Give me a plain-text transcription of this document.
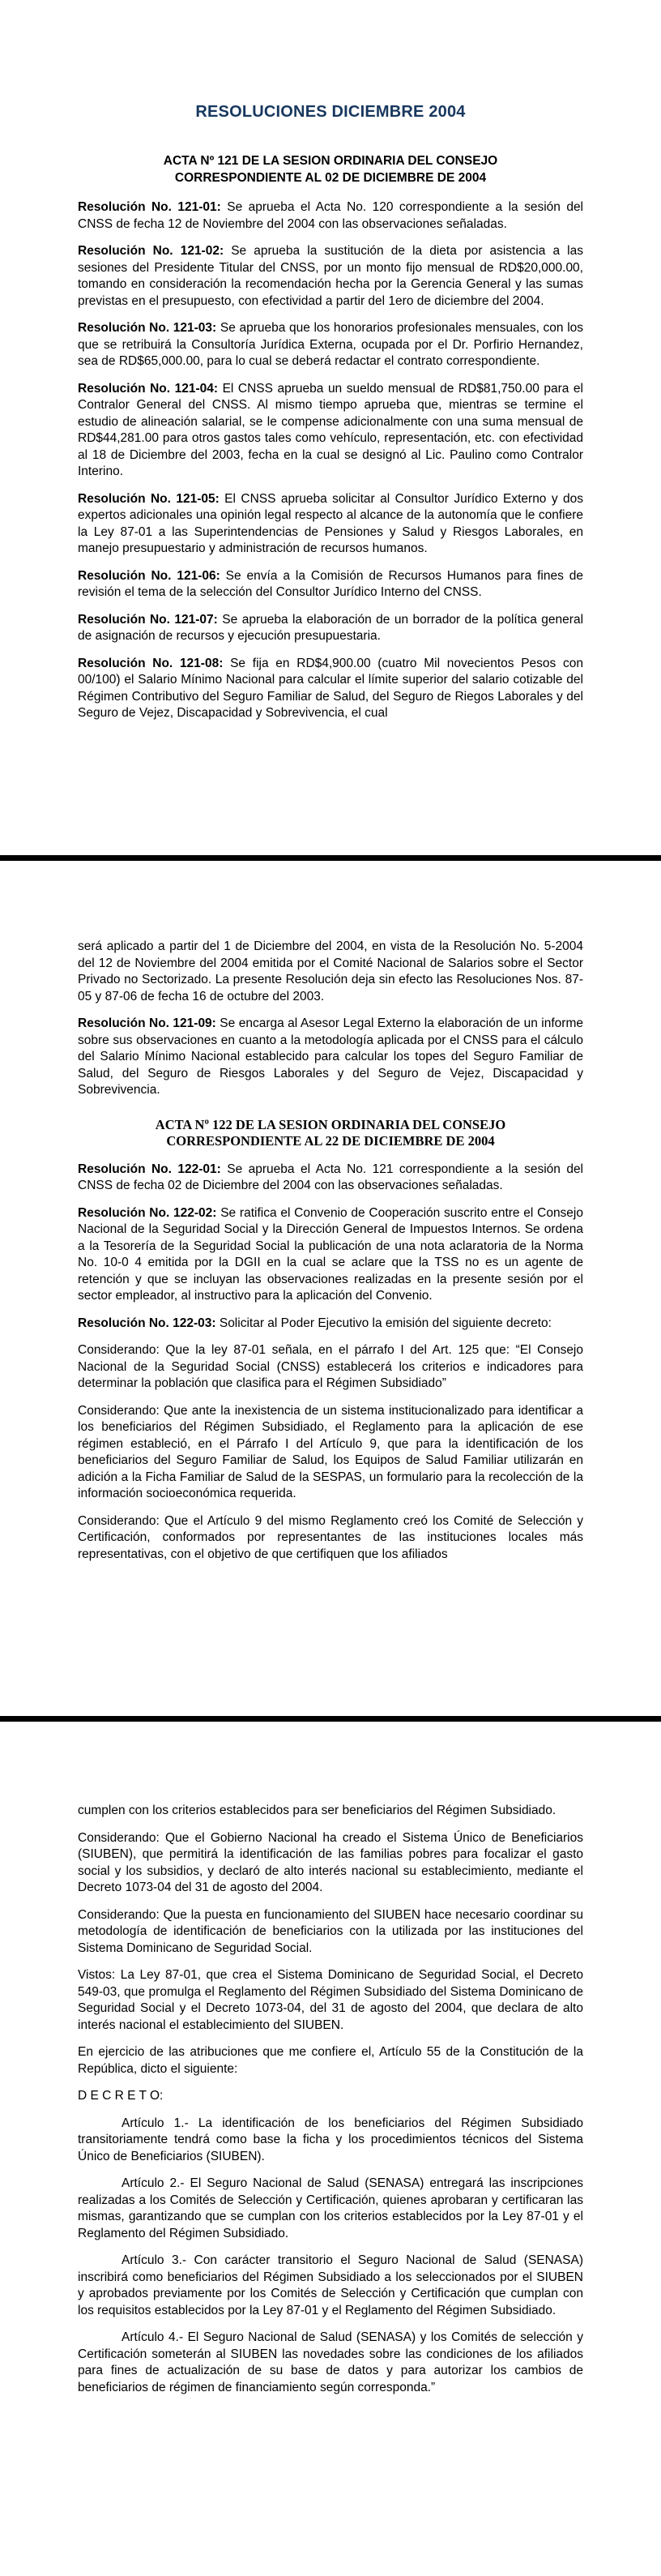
RESOLUCIONES DICIEMBRE 2004
ACTA Nº 121 DE LA SESION ORDINARIA DEL CONSEJO
CORRESPONDIENTE AL 02 DE DICIEMBRE DE 2004

Resolución No. 121-01: Se aprueba el Acta No. 120 correspondiente a la sesión del CNSS de fecha 12 de Noviembre del 2004 con las observaciones señaladas.

Resolución No. 121-02: Se aprueba la sustitución de la dieta por asistencia a las sesiones del Presidente Titular del CNSS, por un monto fijo mensual de RD$20,000.00, tomando en consideración la recomendación hecha por la Gerencia General y las sumas previstas en el presupuesto, con efectividad a partir del 1ero de diciembre del 2004.

Resolución No. 121-03: Se aprueba que los honorarios profesionales mensuales, con los que se retribuirá la Consultoría Jurídica Externa, ocupada por el Dr. Porfirio Hernandez, sea de RD$65,000.00, para lo cual se deberá redactar el contrato correspondiente.

Resolución No. 121-04: El CNSS aprueba un sueldo mensual de RD$81,750.00 para el Contralor General del CNSS. Al mismo tiempo aprueba que, mientras se termine el estudio de alineación salarial, se le compense adicionalmente con una suma mensual de RD$44,281.00 para otros gastos tales como vehículo, representación, etc. con efectividad al 18 de Diciembre del 2003, fecha en la cual se designó al Lic. Paulino como Contralor Interino.

Resolución No. 121-05: El CNSS aprueba solicitar al Consultor Jurídico Externo y dos expertos adicionales una opinión legal respecto al alcance de la autonomía que le confiere la Ley 87-01 a las Superintendencias de Pensiones y Salud y Riesgos Laborales, en manejo presupuestario y administración de recursos humanos.

Resolución No. 121-06: Se envía a la Comisión de Recursos Humanos para fines de revisión el tema de la selección del Consultor Jurídico Interno del CNSS.

Resolución No. 121-07: Se aprueba la elaboración de un borrador de la política general de asignación de recursos y ejecución presupuestaria.

Resolución No. 121-08: Se fija en RD$4,900.00 (cuatro Mil novecientos Pesos con 00/100) el Salario Mínimo Nacional para calcular el límite superior del salario cotizable del Régimen Contributivo del Seguro Familiar de Salud, del Seguro de Riegos Laborales y del Seguro de Vejez, Discapacidad y Sobrevivencia, el cual

será aplicado a partir del 1 de Diciembre del 2004, en vista de la Resolución No. 5-2004 del 12 de Noviembre del 2004 emitida por el Comité Nacional de Salarios sobre el Sector Privado no Sectorizado. La presente Resolución deja sin efecto las Resoluciones Nos. 87-05 y 87-06 de fecha 16 de octubre del 2003.

Resolución No. 121-09: Se encarga al Asesor Legal Externo la elaboración de un informe sobre sus observaciones en cuanto a la metodología aplicada por el CNSS para el cálculo del Salario Mínimo Nacional establecido para calcular los topes del Seguro Familiar de Salud, del Seguro de Riesgos Laborales y del Seguro de Vejez, Discapacidad y Sobrevivencia.

ACTA Nº 122 DE LA SESION ORDINARIA DEL CONSEJO
CORRESPONDIENTE AL 22 DE DICIEMBRE DE 2004

Resolución No. 122-01: Se aprueba el Acta No. 121 correspondiente a la sesión del CNSS de fecha 02 de Diciembre del 2004 con las observaciones señaladas.

Resolución No. 122-02: Se ratifica el Convenio de Cooperación suscrito entre el Consejo Nacional de la Seguridad Social y la Dirección General de Impuestos Internos. Se ordena a la Tesorería de la Seguridad Social la publicación de una nota aclaratoria de la Norma No. 10-0 4 emitida por la DGII en la cual se aclare que la TSS no es un agente de retención y que se incluyan las observaciones realizadas en la presente sesión por el sector empleador, al instructivo para la aplicación del Convenio.

Resolución No. 122-03: Solicitar al Poder Ejecutivo la emisión del siguiente decreto:

Considerando: Que la ley 87-01 señala, en el párrafo I del Art. 125 que: “El Consejo Nacional de la Seguridad Social (CNSS) establecerá los criterios e indicadores para determinar la población que clasifica para el Régimen Subsidiado”

Considerando: Que ante la inexistencia de un sistema institucionalizado para identificar a los beneficiarios del Régimen Subsidiado, el Reglamento para la aplicación de ese régimen estableció, en el Párrafo I del Artículo 9, que para la identificación de los beneficiarios del Seguro Familiar de Salud, los Equipos de Salud Familiar utilizarán en adición a la Ficha Familiar de Salud de la SESPAS, un formulario para la recolección de la información socioeconómica requerida.

Considerando: Que el Artículo 9 del mismo Reglamento creó los Comité de Selección y Certificación, conformados por representantes de las instituciones locales más representativas, con el objetivo de que certifiquen que los afiliados

cumplen con los criterios establecidos para ser beneficiarios del Régimen Subsidiado.

Considerando: Que el Gobierno Nacional ha creado el Sistema Único de Beneficiarios (SIUBEN), que permitirá la identificación de las familias pobres para focalizar el gasto social y los subsidios, y declaró de alto interés nacional su establecimiento, mediante el Decreto 1073-04 del 31 de agosto del 2004.

Considerando: Que la puesta en funcionamiento del SIUBEN hace necesario coordinar su metodología de identificación de beneficiarios con la utilizada por las instituciones del Sistema Dominicano de Seguridad Social.

Vistos: La Ley 87-01, que crea el Sistema Dominicano de Seguridad Social, el Decreto 549-03, que promulga el Reglamento del Régimen Subsidiado del Sistema Dominicano de Seguridad Social y el Decreto 1073-04, del 31 de agosto del 2004, que declara de alto interés nacional el establecimiento del SIUBEN.

En ejercicio de las atribuciones que me confiere el, Artículo 55 de la Constitución de la República, dicto el siguiente:

D E C R E T O:

Artículo 1.- La identificación de los beneficiarios del Régimen Subsidiado transitoriamente tendrá como base la ficha y los procedimientos técnicos del Sistema Único de Beneficiarios (SIUBEN).

Artículo 2.- El Seguro Nacional de Salud (SENASA) entregará las inscripciones realizadas a los Comités de Selección y Certificación, quienes aprobaran y certificaran las mismas, garantizando que se cumplan con los criterios establecidos por la Ley 87-01 y el Reglamento del Régimen Subsidiado.

Artículo 3.- Con carácter transitorio el Seguro Nacional de Salud (SENASA) inscribirá como beneficiarios del Régimen Subsidiado a los seleccionados por el SIUBEN y aprobados previamente por los Comités de Selección y Certificación que cumplan con los requisitos establecidos por la Ley 87-01 y el Reglamento del Régimen Subsidiado.

Artículo 4.- El Seguro Nacional de Salud (SENASA) y los Comités de selección y Certificación someterán al SIUBEN las novedades sobre las condiciones de los afiliados para fines de actualización de su base de datos y para autorizar los cambios de beneficiarios de régimen de financiamiento según corresponda.”
